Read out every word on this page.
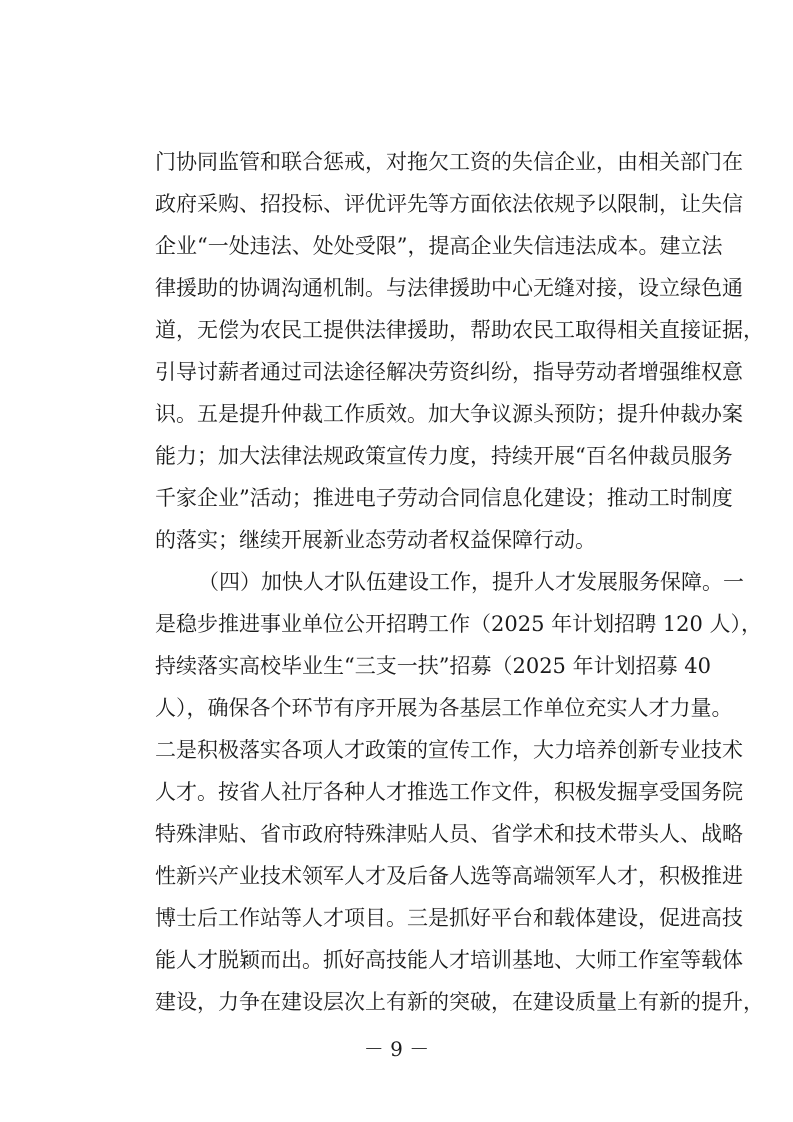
门协同监管和联合惩戒，对拖欠工资的失信企业，由相关部门在
政府采购、招投标、评优评先等方面依法依规予以限制，让失信
企业“一处违法、处处受限”，提高企业失信违法成本。建立法
律援助的协调沟通机制。与法律援助中心无缝对接，设立绿色通
道，无偿为农民工提供法律援助，帮助农民工取得相关直接证据，
引导讨薪者通过司法途径解决劳资纠纷，指导劳动者增强维权意
识。五是提升仲裁工作质效。加大争议源头预防；提升仲裁办案
能力；加大法律法规政策宣传力度，持续开展“百名仲裁员服务
千家企业”活动；推进电子劳动合同信息化建设；推动工时制度
的落实；继续开展新业态劳动者权益保障行动。
（四）加快人才队伍建设工作，提升人才发展服务保障。一
是稳步推进事业单位公开招聘工作（2025 年计划招聘 120 人），
持续落实高校毕业生“三支一扶”招募（2025 年计划招募 40
人），确保各个环节有序开展为各基层工作单位充实人才力量。
二是积极落实各项人才政策的宣传工作，大力培养创新专业技术
人才。按省人社厅各种人才推选工作文件，积极发掘享受国务院
特殊津贴、省市政府特殊津贴人员、省学术和技术带头人、战略
性新兴产业技术领军人才及后备人选等高端领军人才，积极推进
博士后工作站等人才项目。三是抓好平台和载体建设，促进高技
能人才脱颖而出。抓好高技能人才培训基地、大师工作室等载体
建设，力争在建设层次上有新的突破，在建设质量上有新的提升，
－ 9 －
